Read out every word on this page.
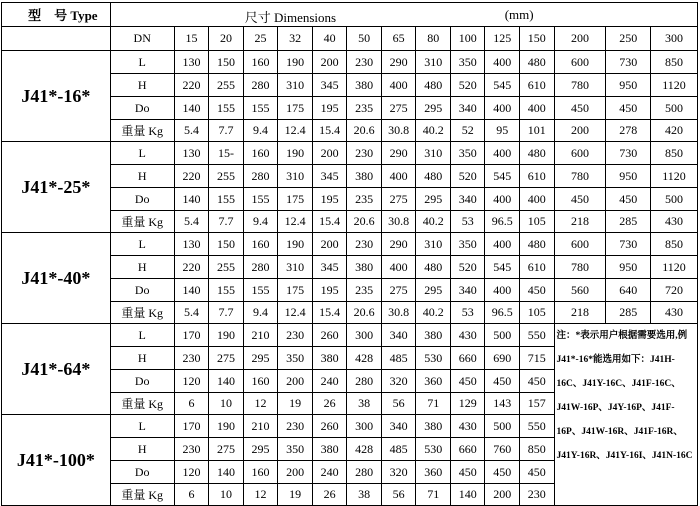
型　号 Type	尺寸 Dimensions (mm)														

	DN	15	20	25	32	40	50	65	80	100	125	150	200	250	300
J41*-16*	L	130	150	160	190	200	230	290	310	350	400	480	600	730	850
	H	220	255	280	310	345	380	400	480	520	545	610	780	950	1120
	Do	140	155	155	175	195	235	275	295	340	400	400	450	450	500
	重量 Kg	5.4	7.7	9.4	12.4	15.4	20.6	30.8	40.2	52	95	101	200	278	420
J41*-25*	L	130	15-	160	190	200	230	290	310	350	400	480	600	730	850
	H	220	255	280	310	345	380	400	480	520	545	610	780	950	1120
	Do	140	155	155	175	195	235	275	295	340	400	400	450	450	500
	重量 Kg	5.4	7.7	9.4	12.4	15.4	20.6	30.8	40.2	53	96.5	105	218	285	430
J41*-40*	L	130	150	160	190	200	230	290	310	350	400	480	600	730	850
	H	220	255	280	310	345	380	400	480	520	545	610	780	950	1120
	Do	140	155	155	175	195	235	275	295	340	400	450	560	640	720
	重量 Kg	5.4	7.7	9.4	12.4	15.4	20.6	30.8	40.2	53	96.5	105	218	285	430
J41*-64*	L	170	190	210	230	260	300	340	380	430	500	550	注：*表示用户根据需要选用,例 J41*-16*能选用如下：J41H-16C、J41Y-16C、J41F-16C、J41W-16P、J4Y-16P、J41F-16P、J41W-16R、J41F-16R、J41Y-16R、J41Y-16I、J41N-16C		
	H	230	275	295	350	380	428	485	530	660	690	715			
	Do	120	140	160	200	240	280	320	360	450	450	450			
	重量 Kg	6	10	12	19	26	38	56	71	129	143	157			
J41*-100*	L	170	190	210	230	260	300	340	380	430	500	550			
	H	230	275	295	350	380	428	485	530	660	760	850			
	Do	120	140	160	200	240	280	320	360	450	450	450			
	重量 Kg	6	10	12	19	26	38	56	71	140	200	230			
